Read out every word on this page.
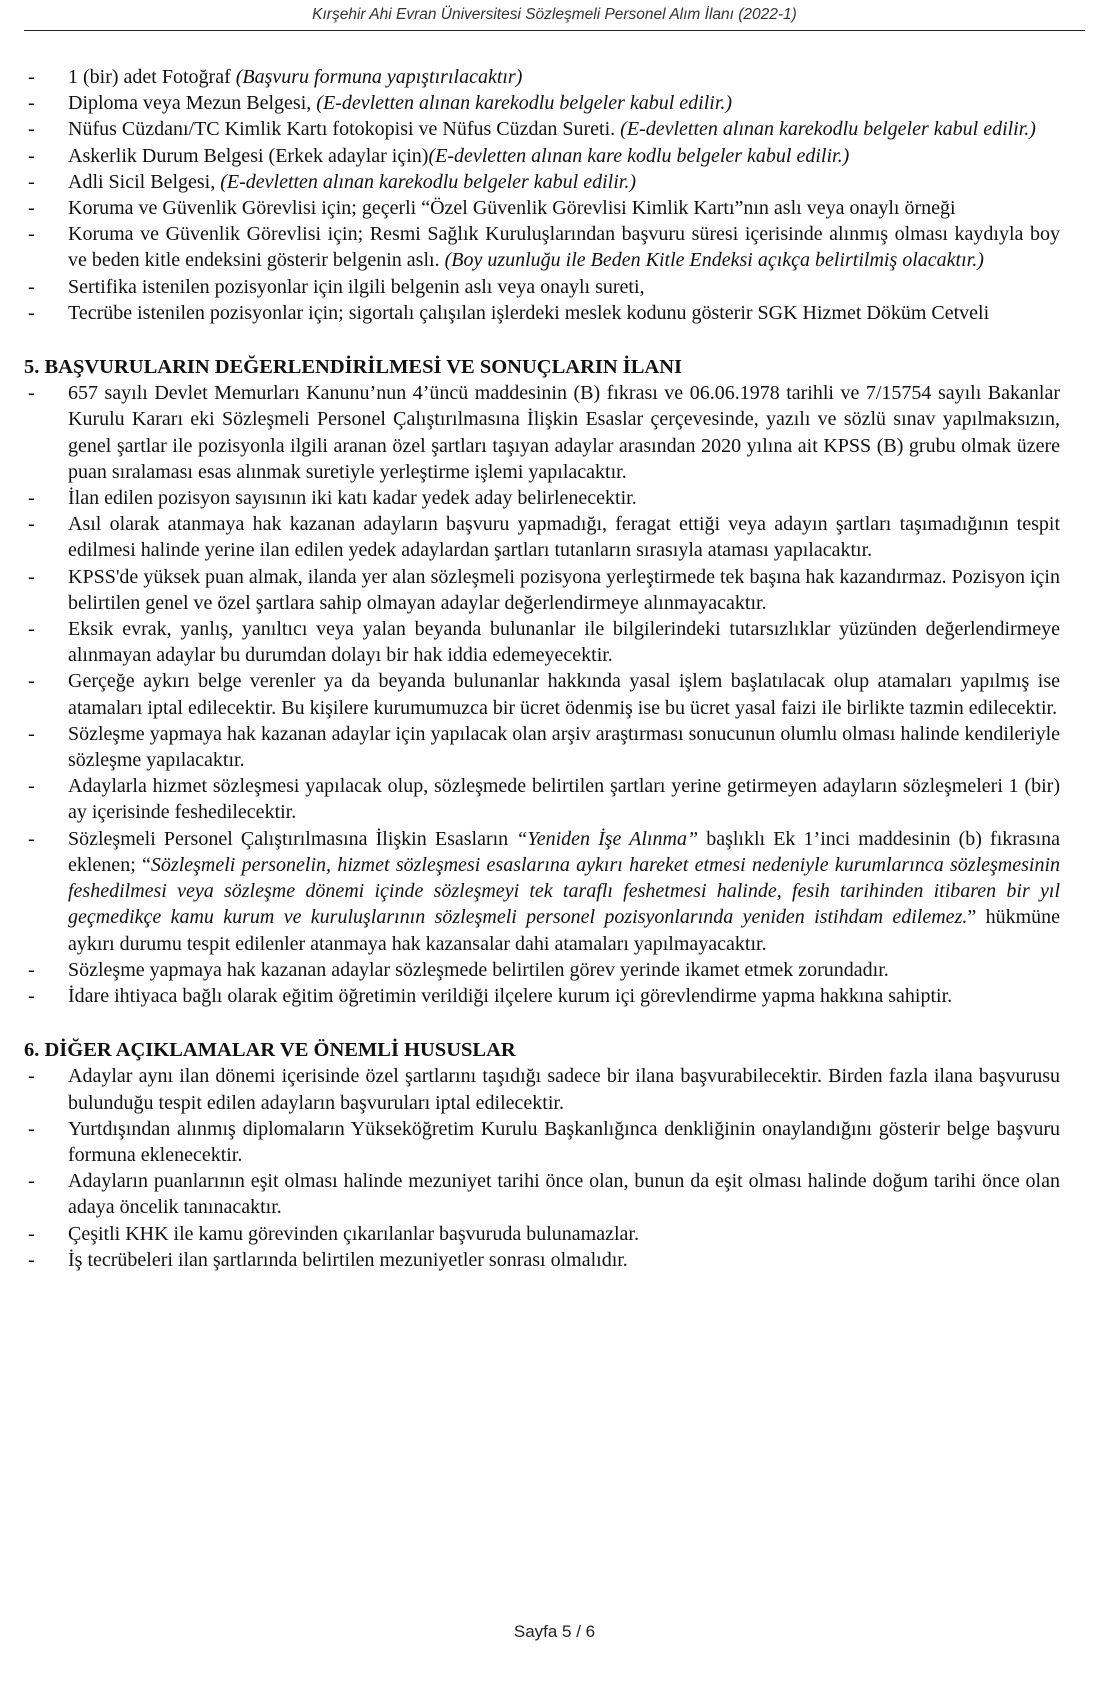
Kırşehir Ahi Evran Üniversitesi Sözleşmeli Personel Alım İlanı (2022-1)
- 1 (bir) adet Fotoğraf (Başvuru formuna yapıştırılacaktır)
- Diploma veya Mezun Belgesi, (E-devletten alınan karekodlu belgeler kabul edilir.)
- Nüfus Cüzdanı/TC Kimlik Kartı fotokopisi ve Nüfus Cüzdan Sureti. (E-devletten alınan karekodlu belgeler kabul edilir.)
- Askerlik Durum Belgesi (Erkek adaylar için)(E-devletten alınan kare kodlu belgeler kabul edilir.)
- Adli Sicil Belgesi, (E-devletten alınan karekodlu belgeler kabul edilir.)
- Koruma ve Güvenlik Görevlisi için; geçerli “Özel Güvenlik Görevlisi Kimlik Kartı”nın aslı veya onaylı örneği
- Koruma ve Güvenlik Görevlisi için; Resmi Sağlık Kuruluşlarından başvuru süresi içerisinde alınmış olması kaydıyla boy ve beden kitle endeksini gösterir belgenin aslı. (Boy uzunluğu ile Beden Kitle Endeksi açıkça belirtilmiş olacaktır.)
- Sertifika istenilen pozisyonlar için ilgili belgenin aslı veya onaylı sureti,
- Tecrübe istenilen pozisyonlar için; sigortalı çalışılan işlerdeki meslek kodunu gösterir SGK Hizmet Döküm Cetveli
5. BAŞVURULARIN DEĞERLENDİRİLMESİ VE SONUÇLARIN İLANI
- 657 sayılı Devlet Memurları Kanunu’nun 4’üncü maddesinin (B) fıkrası ve 06.06.1978 tarihli ve 7/15754 sayılı Bakanlar Kurulu Kararı eki Sözleşmeli Personel Çalıştırılmasına İlişkin Esaslar çerçevesinde, yazılı ve sözlü sınav yapılmaksızın, genel şartlar ile pozisyonla ilgili aranan özel şartları taşıyan adaylar arasından 2020 yılına ait KPSS (B) grubu olmak üzere puan sıralaması esas alınmak suretiyle yerleştirme işlemi yapılacaktır.
- İlan edilen pozisyon sayısının iki katı kadar yedek aday belirlenecektir.
- Asıl olarak atanmaya hak kazanan adayların başvuru yapmadığı, feragat ettiği veya adayın şartları taşımadığının tespit edilmesi halinde yerine ilan edilen yedek adaylardan şartları tutanların sırasıyla ataması yapılacaktır.
- KPSS'de yüksek puan almak, ilanda yer alan sözleşmeli pozisyona yerleştirmede tek başına hak kazandırmaz. Pozisyon için belirtilen genel ve özel şartlara sahip olmayan adaylar değerlendirmeye alınmayacaktır.
- Eksik evrak, yanlış, yanıltıcı veya yalan beyanda bulunanlar ile bilgilerindeki tutarsızlıklar yüzünden değerlendirmeye alınmayan adaylar bu durumdan dolayı bir hak iddia edemeyecektir.
- Gerçeğe aykırı belge verenler ya da beyanda bulunanlar hakkında yasal işlem başlatılacak olup atamaları yapılmış ise atamaları iptal edilecektir. Bu kişilere kurumumuzca bir ücret ödenmiş ise bu ücret yasal faizi ile birlikte tazmin edilecektir.
- Sözleşme yapmaya hak kazanan adaylar için yapılacak olan arşiv araştırması sonucunun olumlu olması halinde kendileriyle sözleşme yapılacaktır.
- Adaylarla hizmet sözleşmesi yapılacak olup, sözleşmede belirtilen şartları yerine getirmeyen adayların sözleşmeleri 1 (bir) ay içerisinde feshedilecektir.
- Sözleşmeli Personel Çalıştırılmasına İlişkin Esasların “Yeniden İşe Alınma” başlıklı Ek 1’inci maddesinin (b) fıkrasına eklenen; “Sözleşmeli personelin, hizmet sözleşmesi esaslarına aykırı hareket etmesi nedeniyle kurumlarınca sözleşmesinin feshedilmesi veya sözleşme dönemi içinde sözleşmeyi tek taraflı feshetmesi halinde, fesih tarihinden itibaren bir yıl geçmedikçe kamu kurum ve kuruluşlarının sözleşmeli personel pozisyonlarında yeniden istihdam edilemez.” hükmüne aykırı durumu tespit edilenler atanmaya hak kazansalar dahi atamaları yapılmayacaktır.
- Sözleşme yapmaya hak kazanan adaylar sözleşmede belirtilen görev yerinde ikamet etmek zorundadır.
- İdare ihtiyaca bağlı olarak eğitim öğretimin verildiği ilçelere kurum içi görevlendirme yapma hakkına sahiptir.
6. DİĞER AÇIKLAMALAR VE ÖNEMLİ HUSUSLAR
- Adaylar aynı ilan dönemi içerisinde özel şartlarını taşıdığı sadece bir ilana başvurabilecektir. Birden fazla ilana başvurusu bulunduğu tespit edilen adayların başvuruları iptal edilecektir.
- Yurtdışından alınmış diplomaların Yükseköğretim Kurulu Başkanlığınca denkliğinin onaylandığını gösterir belge başvuru formuna eklenecektir.
- Adayların puanlarının eşit olması halinde mezuniyet tarihi önce olan, bunun da eşit olması halinde doğum tarihi önce olan adaya öncelik tanınacaktır.
- Çeşitli KHK ile kamu görevinden çıkarılanlar başvuruda bulunamazlar.
- İş tecrübeleri ilan şartlarında belirtilen mezuniyetler sonrası olmalıdır.
Sayfa 5 / 6
